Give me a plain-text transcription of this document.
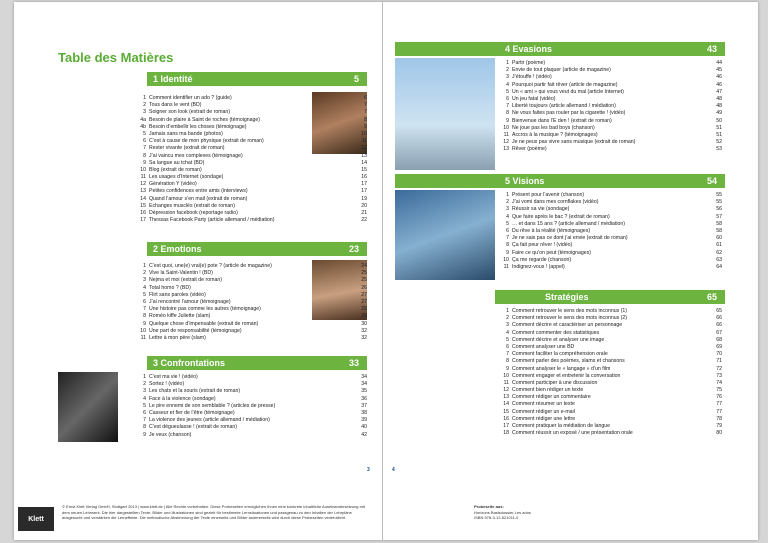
Table des Matières
1 Identité	5
1 Comment identifier un ado ? (guide)	6
2 Tous dans le vent (BD)	7
3 Soigner son look (extrait de roman)	7
4a Besoin de plaire à Saint de roches (témoignage)	8
4b Besoin d’embellir les choses (témoignage)	9
5 Jamais sans ma bande (photos)	10
6 C’est à cause de mon physique (extrait de roman)	11
7 Rester vivante (extrait de roman)	12
8 J’ai vaincu mes complexes (témoignage)	13
9 Sa langue au tchat (BD)	14
10 Blog (extrait de roman)	15
11 Les usages d’Internet (sondage)	16
12 Génération Y (vidéo)	17
13 Petites confidences entre amis (interviews)	17
14 Quand l’amour s’en mail (extrait de roman)	19
15 Échanges musclés (extrait de roman)	20
16 Dépression facebook (reportage radio)	21
17 Thessas Facebook Party (article allemand / médiation)	22
2 Emotions	23
1 C’est quoi, une(e) vrai(e) pote ? (article de magazine)	24
2 Vive la Saint-Valentin ! (BD)	25
3 Nejma et moi (extrait de roman)	25
4 Total homo ? (BD)	26
5 Flirt sans paroles (vidéo)	27
6 J’ai rencontré l’amour (témoignage)	27
7 Une histoire pas comme les autres (témoignage)	28
8 Roméo kiffe Juliette (slam)	29
9 Quelque chose d’impensable (extrait de roman)	30
10 Une part de responsabilité (témoignage)	32
11 Lettre à mon père (slam)	32
3 Confrontations	33
1 C’est ma vie ! (vidéo)	34
2 Sortez ! (vidéo)	34
3 Les chats et la souris (extrait de roman)	35
4 Face à la violence (sondage)	36
5 Le pire ennemi de son semblable ? (articles de presse)	37
6 Casseur et fier de l’être (témoignage)	38
7 La violence des jeunes (article allemand / médiation)	39
8 C’est dégueulasse ! (extrait de roman)	40
9 Je veux (chanson)	42
4 Evasions	43
1 Partir (poème)	44
2 Envie de tout plaquer (article de magazine)	45
3 J’étouffe ! (vidéo)	46
4 Pourquoi partir fait rêver (article de magazine)	46
5 Un « ami » qui vous veut du mal (article Internet)	47
6 Un jeu fatal (vidéo)	48
7 Liberté toujours (article allemand / médiation)	48
8 Ne vous faites pas rouler par la cigarette ! (vidéo)	49
9 Bienvenue dans l’E den ! (extrait de roman)	50
10 Ne joue pas les bad boys (chanson)	51
11 Accros à la musique ? (témoignages)	51
12 Je ne peux pas vivre sans musique (extrait de roman)	52
13 Rêver (poème)	53
5 Visions	54
1 Présent pour l’avenir (chanson)	55
2 J’ai vomi dans mes cornflakes (vidéo)	55
3 Réussir sa vie (sondage)	56
4 Que faire après le bac ? (extrait de roman)	57
5 … et dans 15 ans ? (article allemand / médiation)	58
6 Du rêve à la réalité (témoignages)	58
7 Je ne sais pas ce dont j’ai envie (extrait de roman)	60
8 Ça fait peur rêver ! (vidéo)	61
9 Faire ce qu’on peut (témoignages)	62
10 Ça me regarde (chanson)	63
11 Indignez-vous ! (appel)	64
Stratégies	65
1 Comment retrouver le sens des mots inconnus (1)	65
2 Comment retrouver le sens des mots inconnus (2)	66
3 Comment décrire et caractériser un personnage	66
4 Comment commenter des statistiques	67
5 Comment décrire et analyser une image	68
6 Comment analyser une BD	69
7 Comment faciliter la compréhension orale	70
8 Comment parler des poèmes, slams et chansons	71
9 Comment analyser le « langage » d’un film	72
10 Comment engager et entretenir la conversation	73
11 Comment participer à une discussion	74
12 Comment bien rédiger un texte	75
13 Comment rédiger un commentaire	76
14 Comment résumer un texte	77
15 Comment rédiger un e-mail	77
16 Comment rédiger une lettre	78
17 Comment pratiquer la médiation de langue	79
18 Comment réussir un exposé / une présentation orale	80
3	4
Klett
© Ernst Klett Verlag GmbH, Stuttgart 2013 | www.klett.de | Alle Rechte vorbehalten. Diese Probeseiten ermöglichen Ihnen eine konkrete inhaltliche Auseinandersetzung mit dem neuen Lehrwerk. Die hier dargestellten Texte, Bilder und Illustrationen sind gezielt für bestimmte Lernsituationen und passgenau zu den Inhalten der Lehrpläne ausgesucht und verstärken die Lerneffekte. Die methodische Abstimmung der Texte einerseits und Bilder andererseits wird durch diese Probeseiten verdeutlicht.
Probeseite aus:
Horizons Basisdossier Les ados
ISBN 978-3-12-521011-0
